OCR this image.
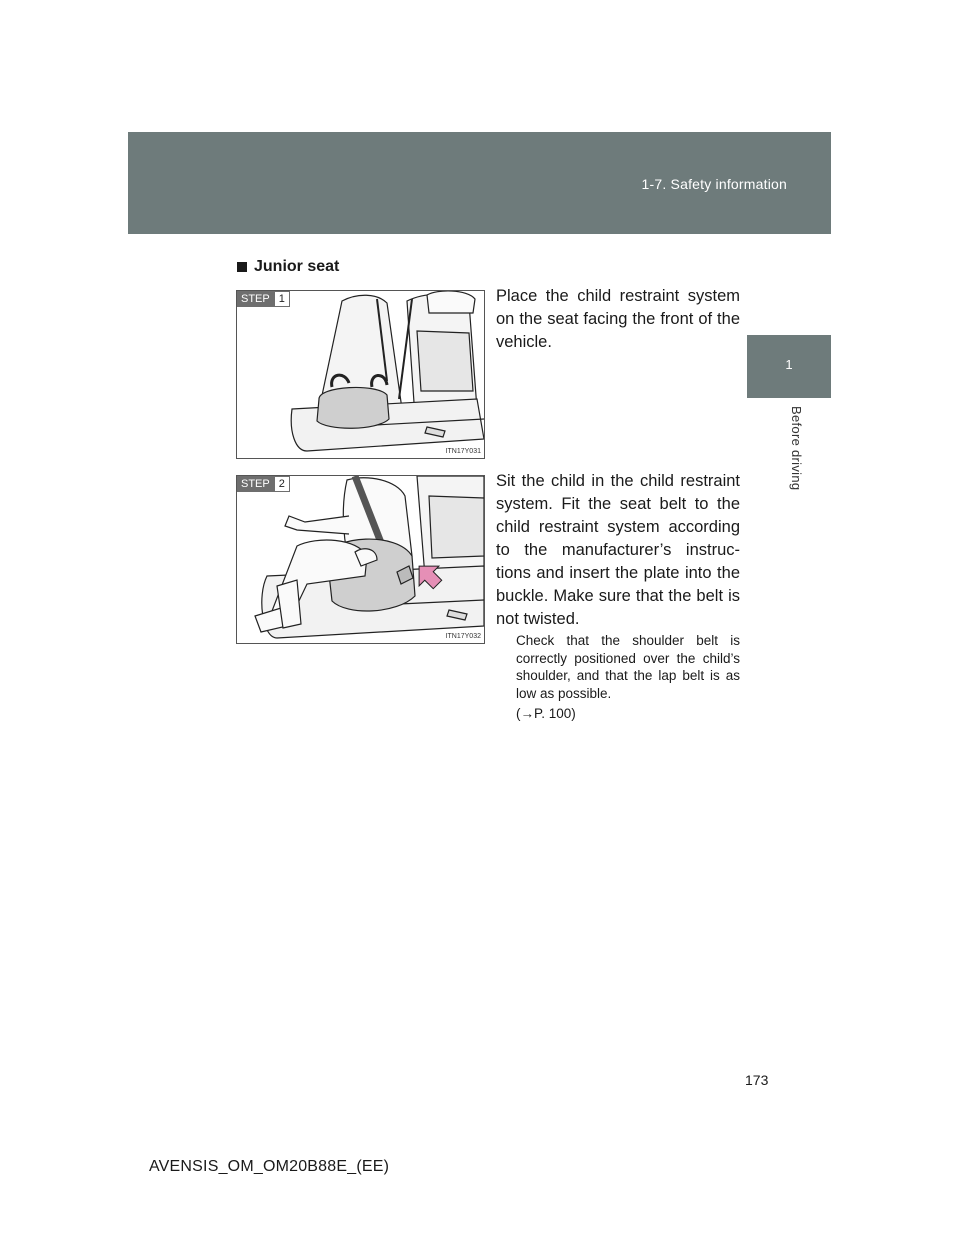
1-7. Safety information
1
Before driving
Junior seat
STEP 1
ITN17Y031
Place the child restraint system on the seat facing the front of the vehicle.
STEP 2
ITN17Y032
Sit the child in the child restraint system. Fit the seat belt to the child restraint system according to the manufacturer’s instruc-tions and insert the plate into the buckle. Make sure that the belt is not twisted.
Check that the shoulder belt is correctly positioned over the child’s shoulder, and that the lap belt is as low as possible.
(→P. 100)
173
AVENSIS_OM_OM20B88E_(EE)
